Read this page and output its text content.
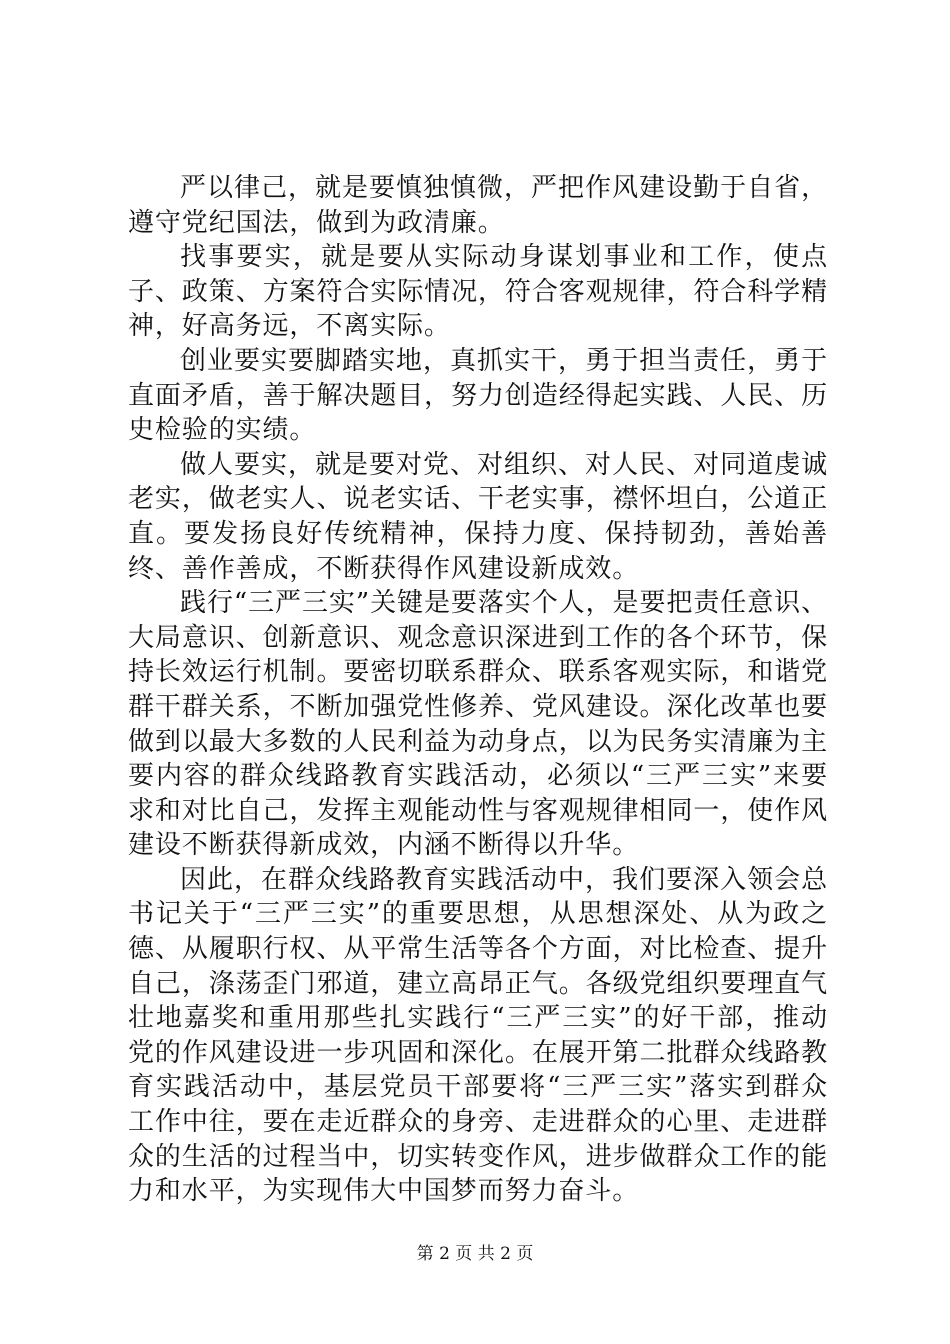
严以律己，就是要慎独慎微，严把作风建设勤于自省，遵守党纪国法，做到为政清廉。

找事要实，就是要从实际动身谋划事业和工作，使点子、政策、方案符合实际情况，符合客观规律，符合科学精神，好高务远，不离实际。

创业要实要脚踏实地，真抓实干，勇于担当责任，勇于直面矛盾，善于解决题目，努力创造经得起实践、人民、历史检验的实绩。

做人要实，就是要对党、对组织、对人民、对同道虔诚老实，做老实人、说老实话、干老实事，襟怀坦白，公道正直。要发扬良好传统精神，保持力度、保持韧劲，善始善终、善作善成，不断获得作风建设新成效。

践行“三严三实”关键是要落实个人，是要把责任意识、大局意识、创新意识、观念意识深进到工作的各个环节，保持长效运行机制。要密切联系群众、联系客观实际，和谐党群干群关系，不断加强党性修养、党风建设。深化改革也要做到以最大多数的人民利益为动身点，以为民务实清廉为主要内容的群众线路教育实践活动，必须以“三严三实”来要求和对比自己，发挥主观能动性与客观规律相同一，使作风建设不断获得新成效，内涵不断得以升华。

因此，在群众线路教育实践活动中，我们要深入领会总书记关于“三严三实”的重要思想，从思想深处、从为政之德、从履职行权、从平常生活等各个方面，对比检查、提升自己，涤荡歪门邪道，建立高昂正气。各级党组织要理直气壮地嘉奖和重用那些扎实践行“三严三实”的好干部，推动党的作风建设进一步巩固和深化。在展开第二批群众线路教育实践活动中，基层党员干部要将“三严三实”落实到群众工作中往，要在走近群众的身旁、走进群众的心里、走进群众的生活的过程当中，切实转变作风，进步做群众工作的能力和水平，为实现伟大中国梦而努力奋斗。

第 2 页 共 2 页
